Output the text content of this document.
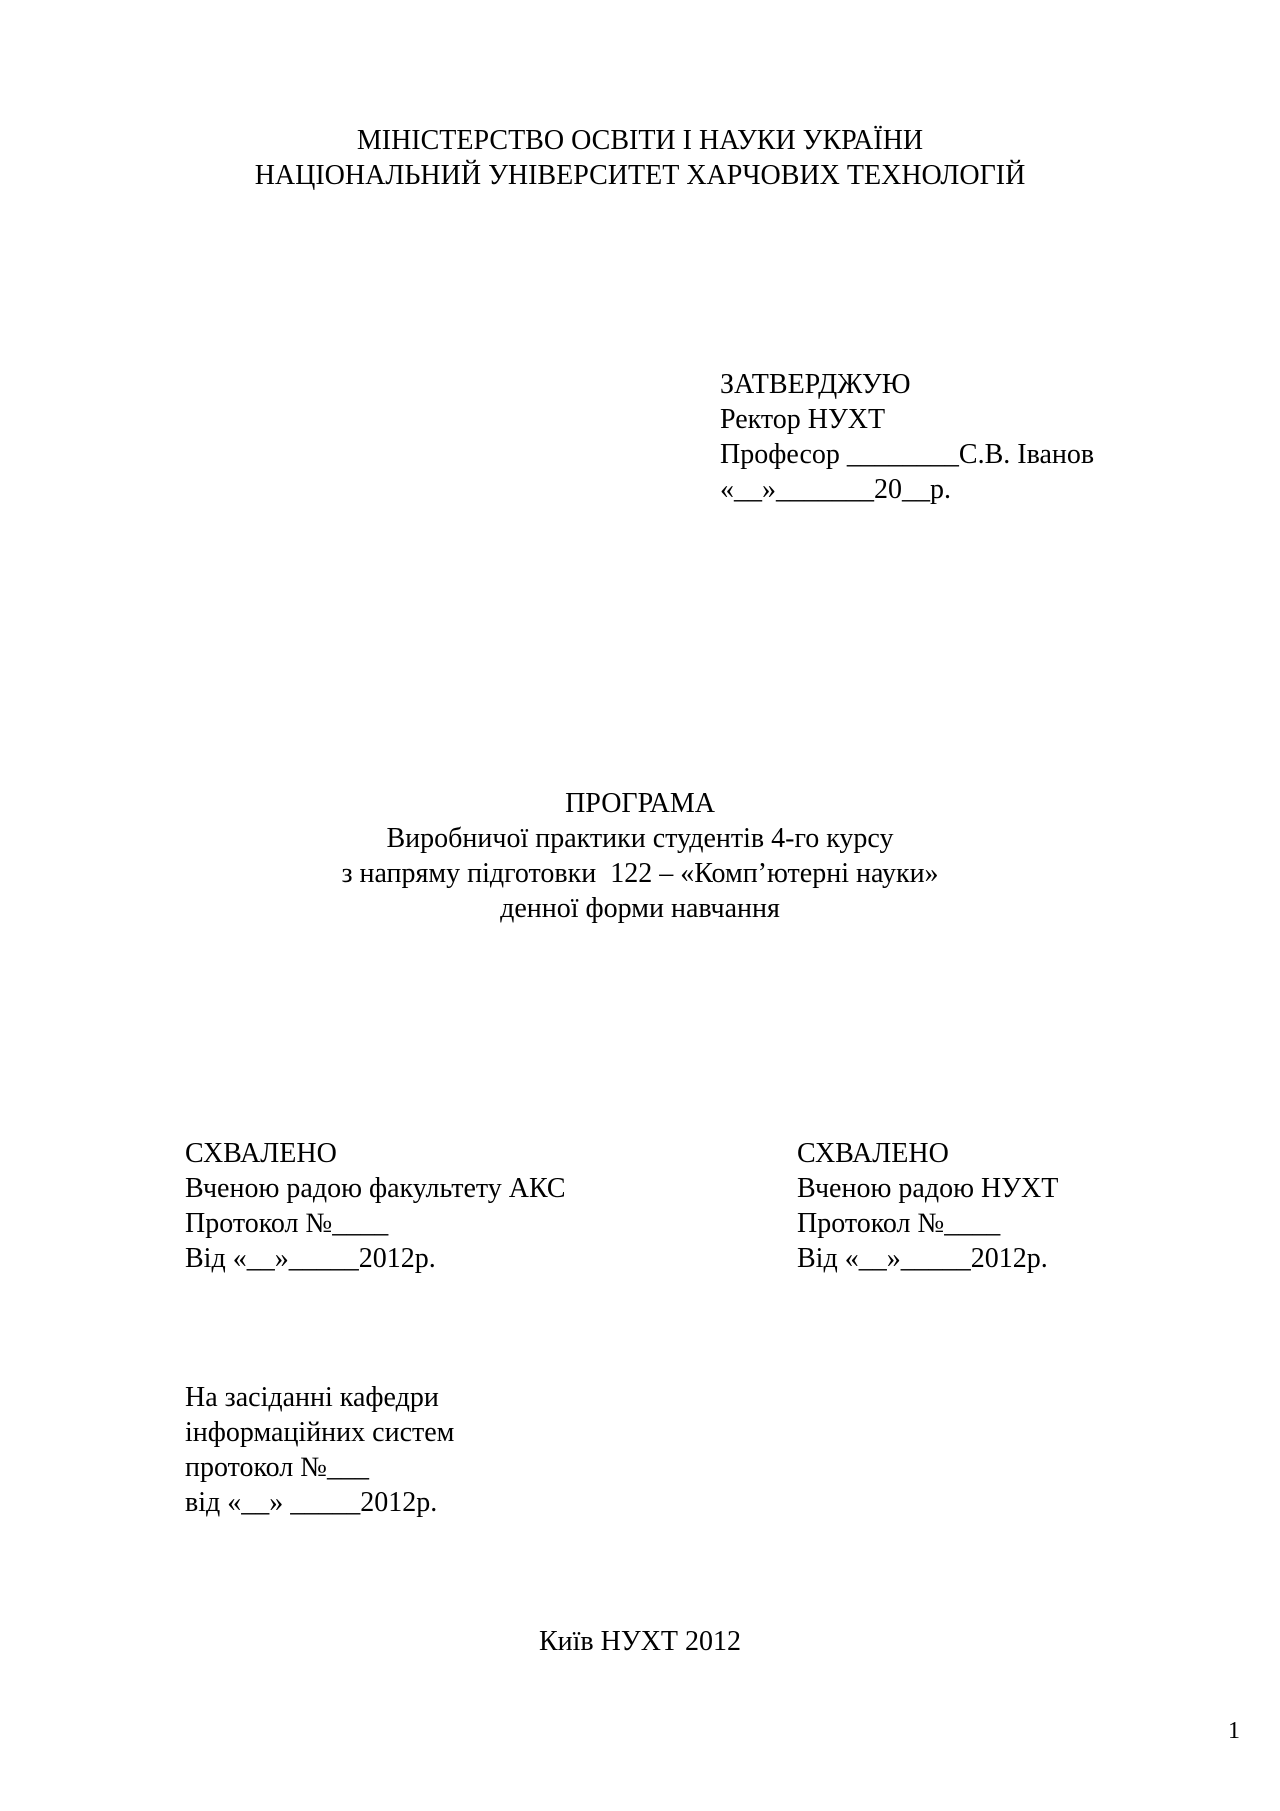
МІНІСТЕРСТВО ОСВІТИ І НАУКИ УКРАЇНИ
НАЦІОНАЛЬНИЙ УНІВЕРСИТЕТ ХАРЧОВИХ ТЕХНОЛОГІЙ
ЗАТВЕРДЖУЮ
Ректор НУХТ
Професор ________С.В. Іванов
«__»_______20__р.
ПРОГРАМА
Виробничої практики студентів 4-го курсу
з напряму підготовки  122 – «Комп’ютерні науки»
денної форми навчання
СХВАЛЕНО
Вченою радою факультету АКС
Протокол №____
Від «__»_____2012р.
СХВАЛЕНО
Вченою радою НУХТ
Протокол №____
Від «__»_____2012р.
На засіданні кафедри
інформаційних систем
протокол №___
від «__» _____2012р.
Київ НУХТ 2012
1
